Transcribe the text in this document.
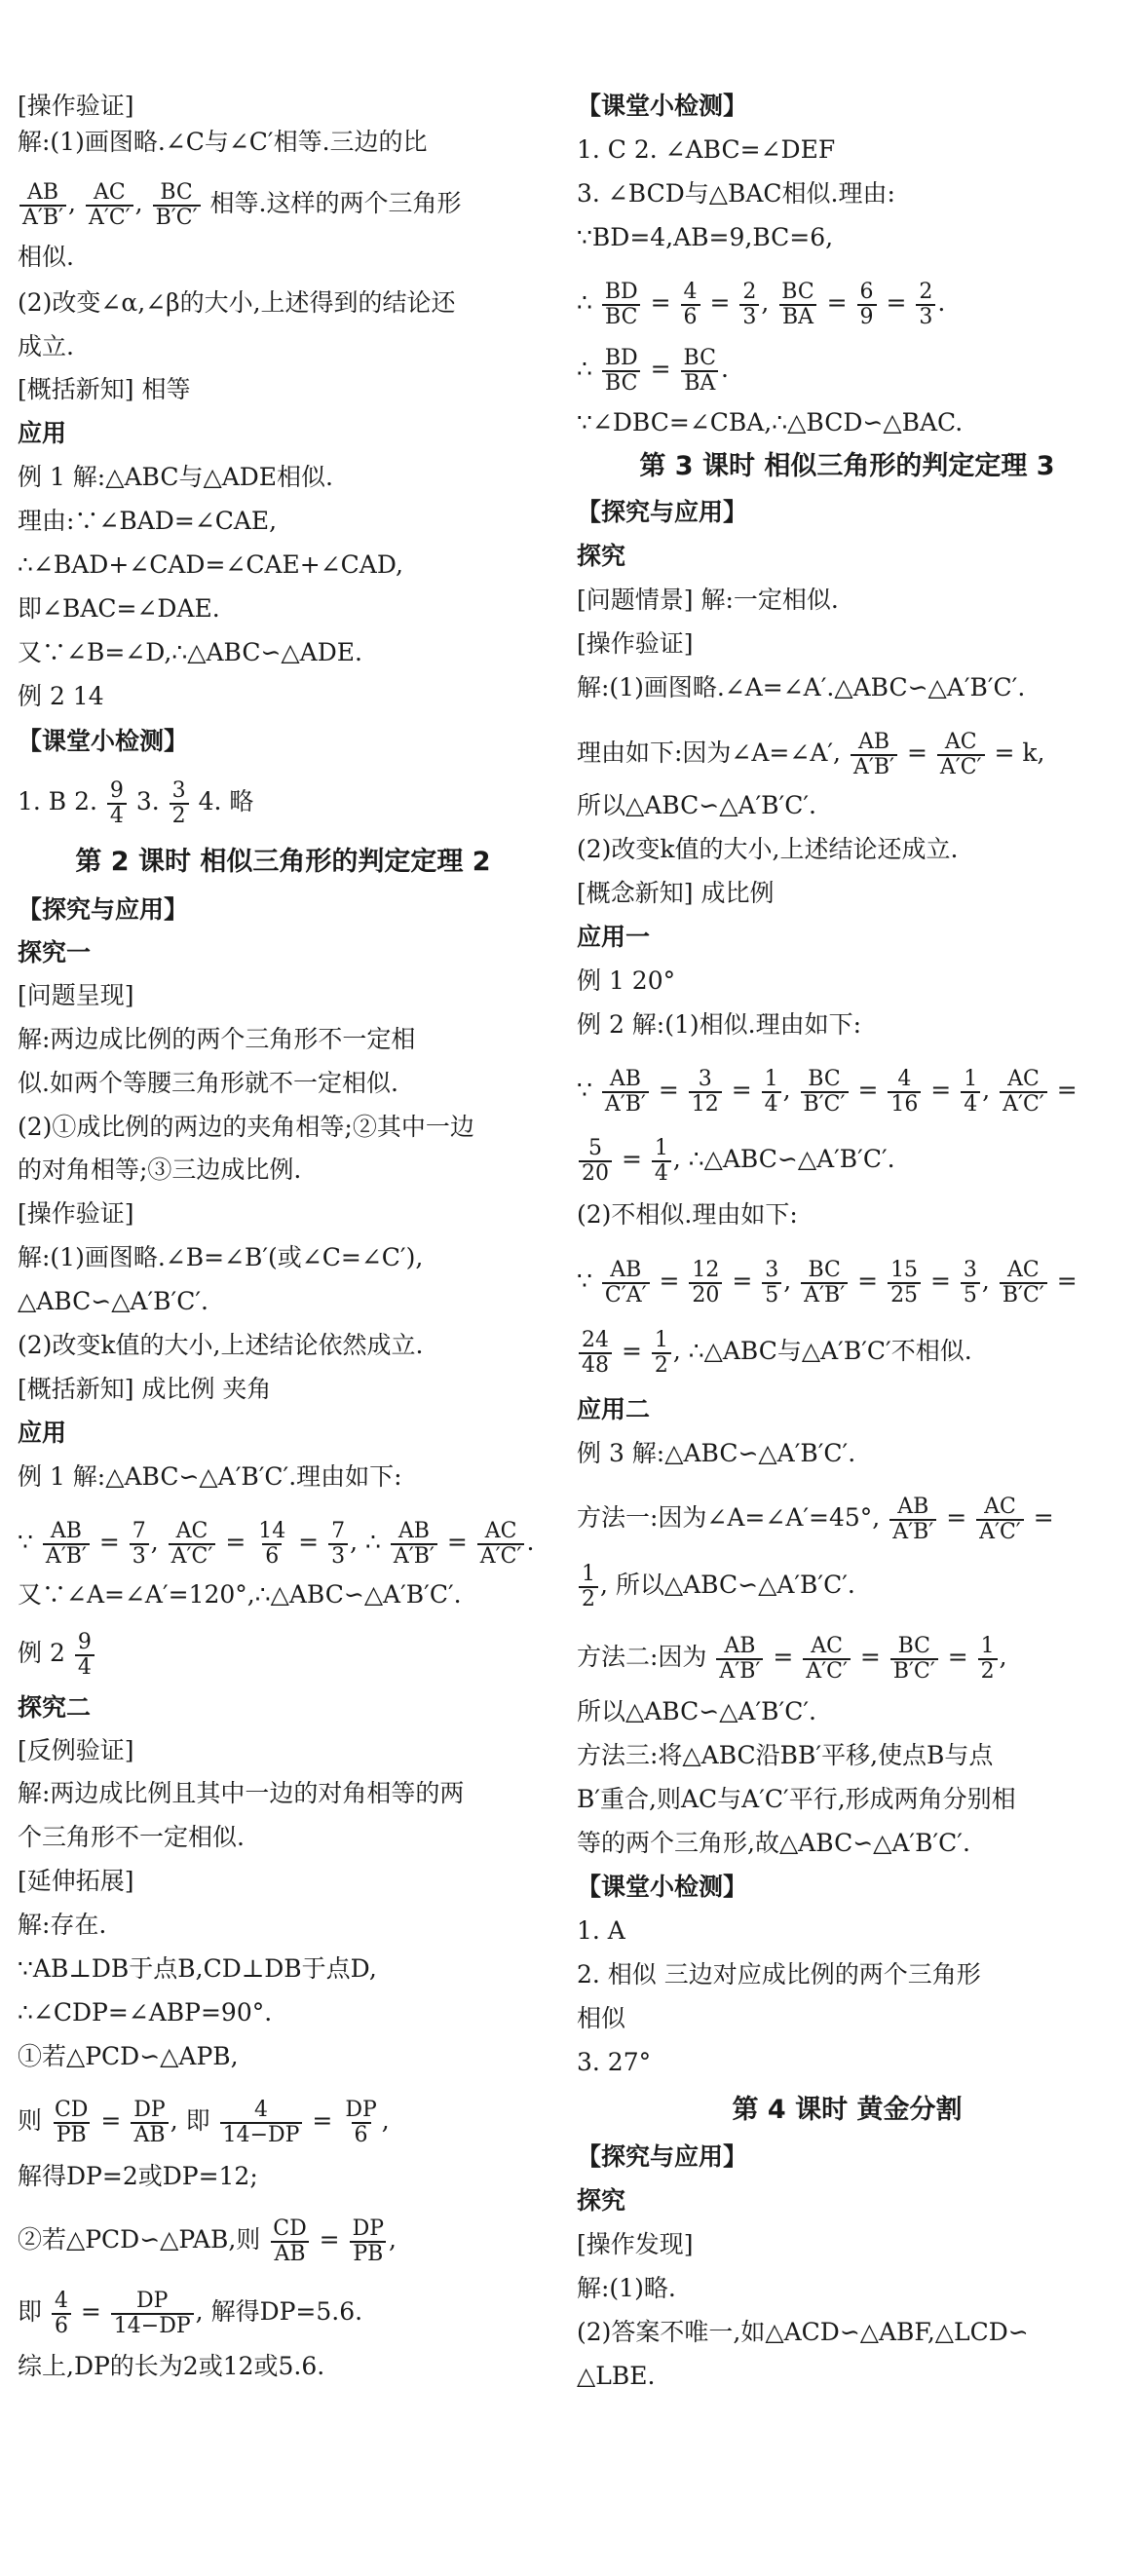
[操作验证]
解:(1)画图略.∠C与∠C′相等.三边的比
$\frac{AB}{A'B'}$ , $\frac{AC}{A'C'}$ , $\frac{BC}{B'C'}$ 相等.这样的两个三角形
相似.
(2)改变∠α,∠β的大小,上述得到的结论还
成立.
[概括新知] 相等
应用
例 1 解:△ABC与△ADE相似.
理由:∵∠BAD=∠CAE,
∴∠BAD+∠CAD=∠CAE+∠CAD,
即∠BAC=∠DAE.
又∵∠B=∠D,∴△ABC∽△ADE.
例 2 14
【课堂小检测】
1. B 2. $\frac{9}{4} 3$. $\frac{3}{2} 4$. 略
第 2 课时 相似三角形的判定定理 2
【探究与应用】
探究一
[问题呈现]
解:两边成比例的两个三角形不一定相
似.如两个等腰三角形就不一定相似.
(2)①成比例的两边的夹角相等;②其中一边
的对角相等;③三边成比例.
[操作验证]
解:(1)画图略.∠B=∠B′(或∠C=∠C′),
△ABC∽△A′B′C′.
(2)改变k值的大小,上述结论依然成立.
[概括新知] 成比例 夹角
应用
例 1 解:△ABC∽△A′B′C′.理由如下:
∵ $\frac{AB}{A'B'} = \frac{7}{3}$ , $\frac{AC}{A'C'} = \frac{14}{6} = \frac{7}{3}$ , ∴ $\frac{AB}{A'B'} = \frac{AC}{A'C'}$ .
又∵∠A=∠A′=120°,∴△ABC∽△A′B′C′.
例 $2 \frac{9}{4}$
探究二
[反例验证]
解:两边成比例且其中一边的对角相等的两
个三角形不一定相似.
[延伸拓展]
解:存在.
∵AB⊥DB于点B,CD⊥DB于点D,
∴∠CDP=∠ABP=90°.
①若△PCD∽△APB,
则 $\frac{CD}{PB} = \frac{DP}{AB}$ , 即 $\frac{4}{14-DP} = \frac{DP}{6}$ ,
解得DP=2或DP=12;
②若△PCD∽△PAB,则 $\frac{CD}{AB} = \frac{DP}{PB}$ ,
即 $\frac{4}{6} = \frac{DP}{14-DP}$ , 解得DP=5.6.
综上,DP的长为2或12或5.6.
【课堂小检测】
1. C 2. ∠ABC=∠DEF
3. ∠BCD与△BAC相似.理由:
∵BD=4,AB=9,BC=6,
∴ $\frac{BD}{BC} = \frac{4}{6} = \frac{2}{3}$ , $\frac{BC}{BA} = \frac{6}{9} = \frac{2}{3}$ .
∴ $\frac{BD}{BC} = \frac{BC}{BA}$ .
∵∠DBC=∠CBA,∴△BCD∽△BAC.
第 3 课时 相似三角形的判定定理 3
【探究与应用】
探究
[问题情景] 解:一定相似.
[操作验证]
解:(1)画图略.∠A=∠A′.△ABC∽△A′B′C′.
理由如下:因为∠A=∠A′, $\frac{AB}{A'B'} = \frac{AC}{A'C'} = k$,
所以△ABC∽△A′B′C′.
(2)改变k值的大小,上述结论还成立.
[概念新知] 成比例
应用一
例 1 20°
例 2 解:(1)相似.理由如下:
∵ $\frac{AB}{A'B'} = \frac{3}{12} = \frac{1}{4}$ , $\frac{BC}{B'C'} = \frac{4}{16} = \frac{1}{4}$ , $\frac{AC}{A'C'}$ =
$\frac{5}{20} = \frac{1}{4}$ , ∴△ABC∽△A′B′C′.
(2)不相似.理由如下:
∵ $\frac{AB}{C'A'} = \frac{12}{20} = \frac{3}{5}$ , $\frac{BC}{A'B'} = \frac{15}{25} = \frac{3}{5}$ , $\frac{AC}{B'C'}$ =
$\frac{24}{48} = \frac{1}{2}$ , ∴△ABC与△A′B′C′不相似.
应用二
例 3 解:△ABC∽△A′B′C′.
方法一:因为∠A=∠A′=45°, $\frac{AB}{A'B'} = \frac{AC}{A'C'}$ =
$\frac{1}{2}$ , 所以△ABC∽△A′B′C′.
方法二:因为 $\frac{AB}{A'B'} = \frac{AC}{A'C'} = \frac{BC}{B'C'} = \frac{1}{2}$ ,
所以△ABC∽△A′B′C′.
方法三:将△ABC沿BB′平移,使点B与点
B′重合,则AC与A′C′平行,形成两角分别相
等的两个三角形,故△ABC∽△A′B′C′.
【课堂小检测】
1. A
2. 相似 三边对应成比例的两个三角形
相似
3. 27°
第 4 课时 黄金分割
【探究与应用】
探究
[操作发现]
解:(1)略.
(2)答案不唯一,如△ACD∽△ABF,△LCD∽
△LBE.
